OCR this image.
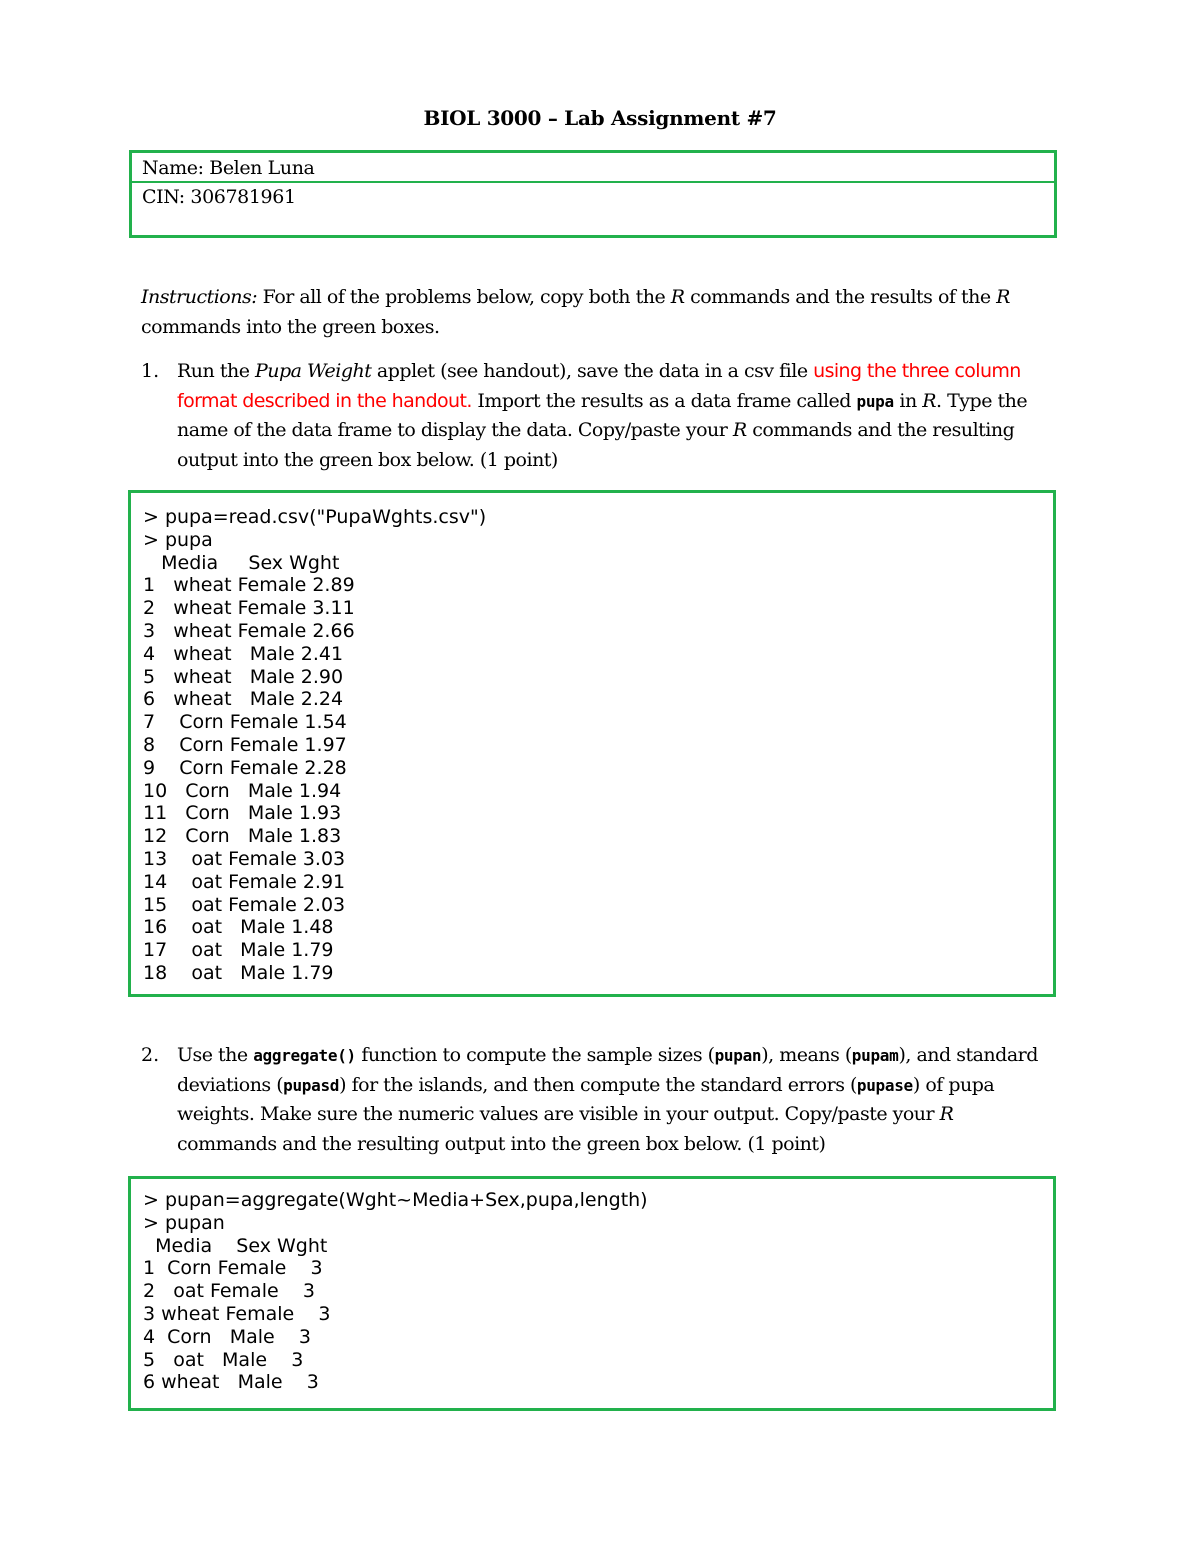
BIOL 3000 – Lab Assignment #7
Name: Belen Luna
CIN: 306781961
Instructions: For all of the problems below, copy both the R commands and the results of the R commands into the green boxes.
1. Run the Pupa Weight applet (see handout), save the data in a csv file using the three column format described in the handout. Import the results as a data frame called pupa in R. Type the name of the data frame to display the data. Copy/paste your R commands and the resulting output into the green box below. (1 point)
> pupa=read.csv("PupaWghts.csv")
> pupa
Media     Sex Wght
1   wheat Female 2.89
2   wheat Female 3.11
3   wheat Female 2.66
4   wheat   Male 2.41
5   wheat   Male 2.90
6   wheat   Male 2.24
7    Corn Female 1.54
8    Corn Female 1.97
9    Corn Female 2.28
10   Corn   Male 1.94
11   Corn   Male 1.93
12   Corn   Male 1.83
13    oat Female 3.03
14    oat Female 2.91
15    oat Female 2.03
16    oat   Male 1.48
17    oat   Male 1.79
18    oat   Male 1.79
2. Use the aggregate() function to compute the sample sizes (pupan), means (pupam), and standard deviations (pupasd) for the islands, and then compute the standard errors (pupase) of pupa weights. Make sure the numeric values are visible in your output. Copy/paste your R commands and the resulting output into the green box below. (1 point)
> pupan=aggregate(Wght~Media+Sex,pupa,length)
> pupan
Media    Sex Wght
1  Corn Female    3
2   oat Female    3
3 wheat Female    3
4  Corn   Male    3
5   oat   Male    3
6 wheat   Male    3
